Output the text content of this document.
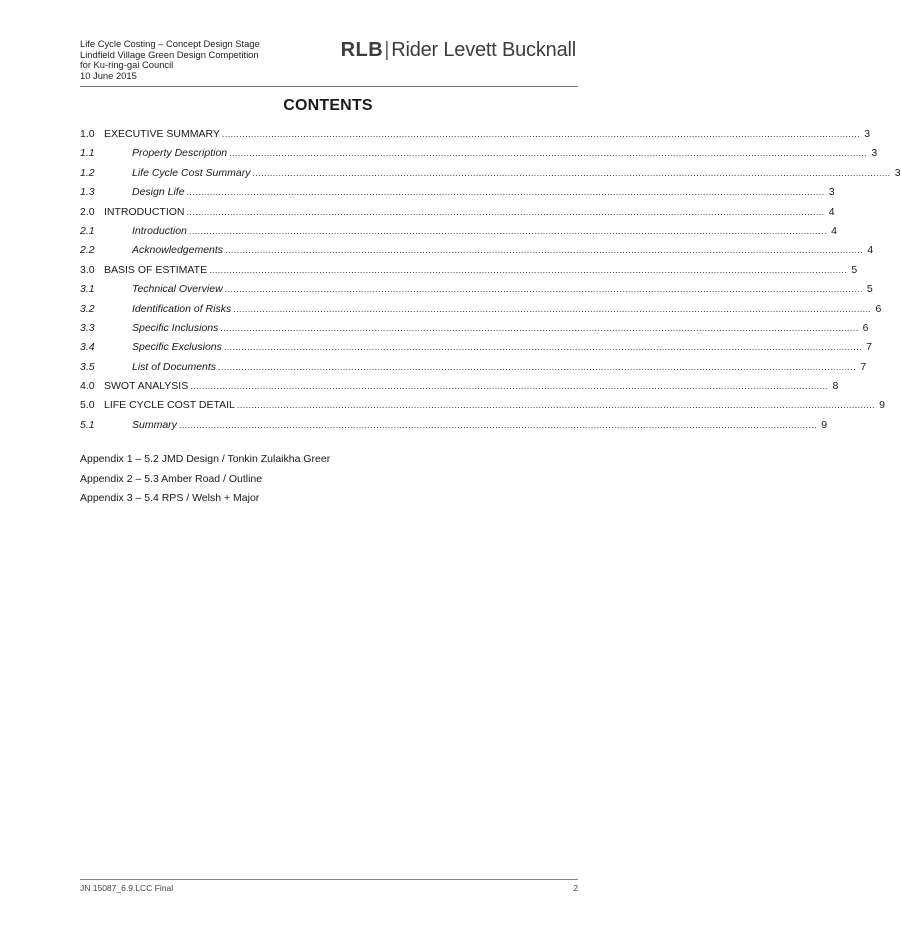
Life Cycle Costing – Concept Design Stage
Lindfield Village Green Design Competition
for Ku-ring-gai Council
10 June 2015
RLB| Rider Levett Bucknall
CONTENTS
1.0 EXECUTIVE SUMMARY ............................................................................................................................................................................................................................ 3
1.1	Property Description ............................................................................................................................................................................................................................ 3
1.2	Life Cycle Cost Summary ............................................................................................................................................................................................................................ 3
1.3	Design Life ............................................................................................................................................................................................................................ 3
2.0 INTRODUCTION ............................................................................................................................................................................................................................ 4
2.1	Introduction ............................................................................................................................................................................................................................ 4
2.2	Acknowledgements ............................................................................................................................................................................................................................ 4
3.0 BASIS OF ESTIMATE ............................................................................................................................................................................................................................ 5
3.1	Technical Overview ............................................................................................................................................................................................................................ 5
3.2	Identification of Risks ............................................................................................................................................................................................................................ 6
3.3	Specific Inclusions ............................................................................................................................................................................................................................ 6
3.4	Specific Exclusions ............................................................................................................................................................................................................................ 7
3.5	List of Documents ............................................................................................................................................................................................................................ 7
4.0 SWOT ANALYSIS ............................................................................................................................................................................................................................ 8
5.0 LIFE CYCLE COST DETAIL ............................................................................................................................................................................................................................ 9
5.1	Summary ............................................................................................................................................................................................................................ 9
Appendix 1 – 5.2 JMD Design / Tonkin Zulaikha Greer
Appendix 2 – 5.3 Amber Road / Outline
Appendix 3 – 5.4 RPS / Welsh + Major
JN 15087_6.9.LCC Final	2
